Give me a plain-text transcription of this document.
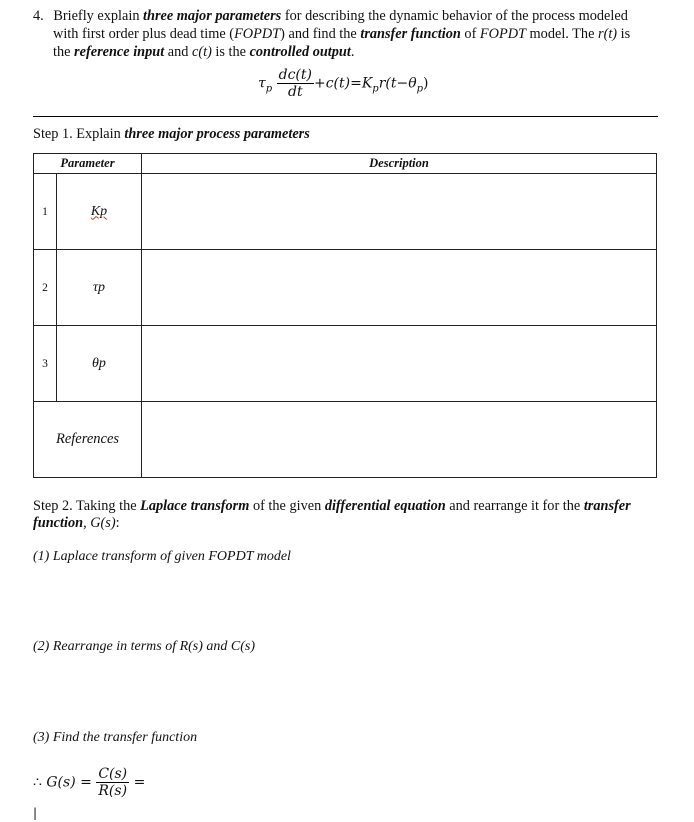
4. Briefly explain three major parameters for describing the dynamic behavior of the process modeled
with first order plus dead time (FOPDT) and find the transfer function of FOPDT model. The r(t) is
the reference input and c(t) is the controlled output.
$\tau_p \frac{dc(t)}{dt} +c(t)=K_pr(t-\theta_p)$
Step 1. Explain three major process parameters
Parameter		Description
1	Kp	
2	τp	
3	θp	
References		
Step 2. Taking the Laplace transform of the given differential equation and rearrange it for the transfer
function, G(s):
(1) Laplace transform of given FOPDT model
(2) Rearrange in terms of R(s) and C(s)
(3) Find the transfer function
∴ $G(s) = \frac{C(s)}{R(s)}$ =
|
